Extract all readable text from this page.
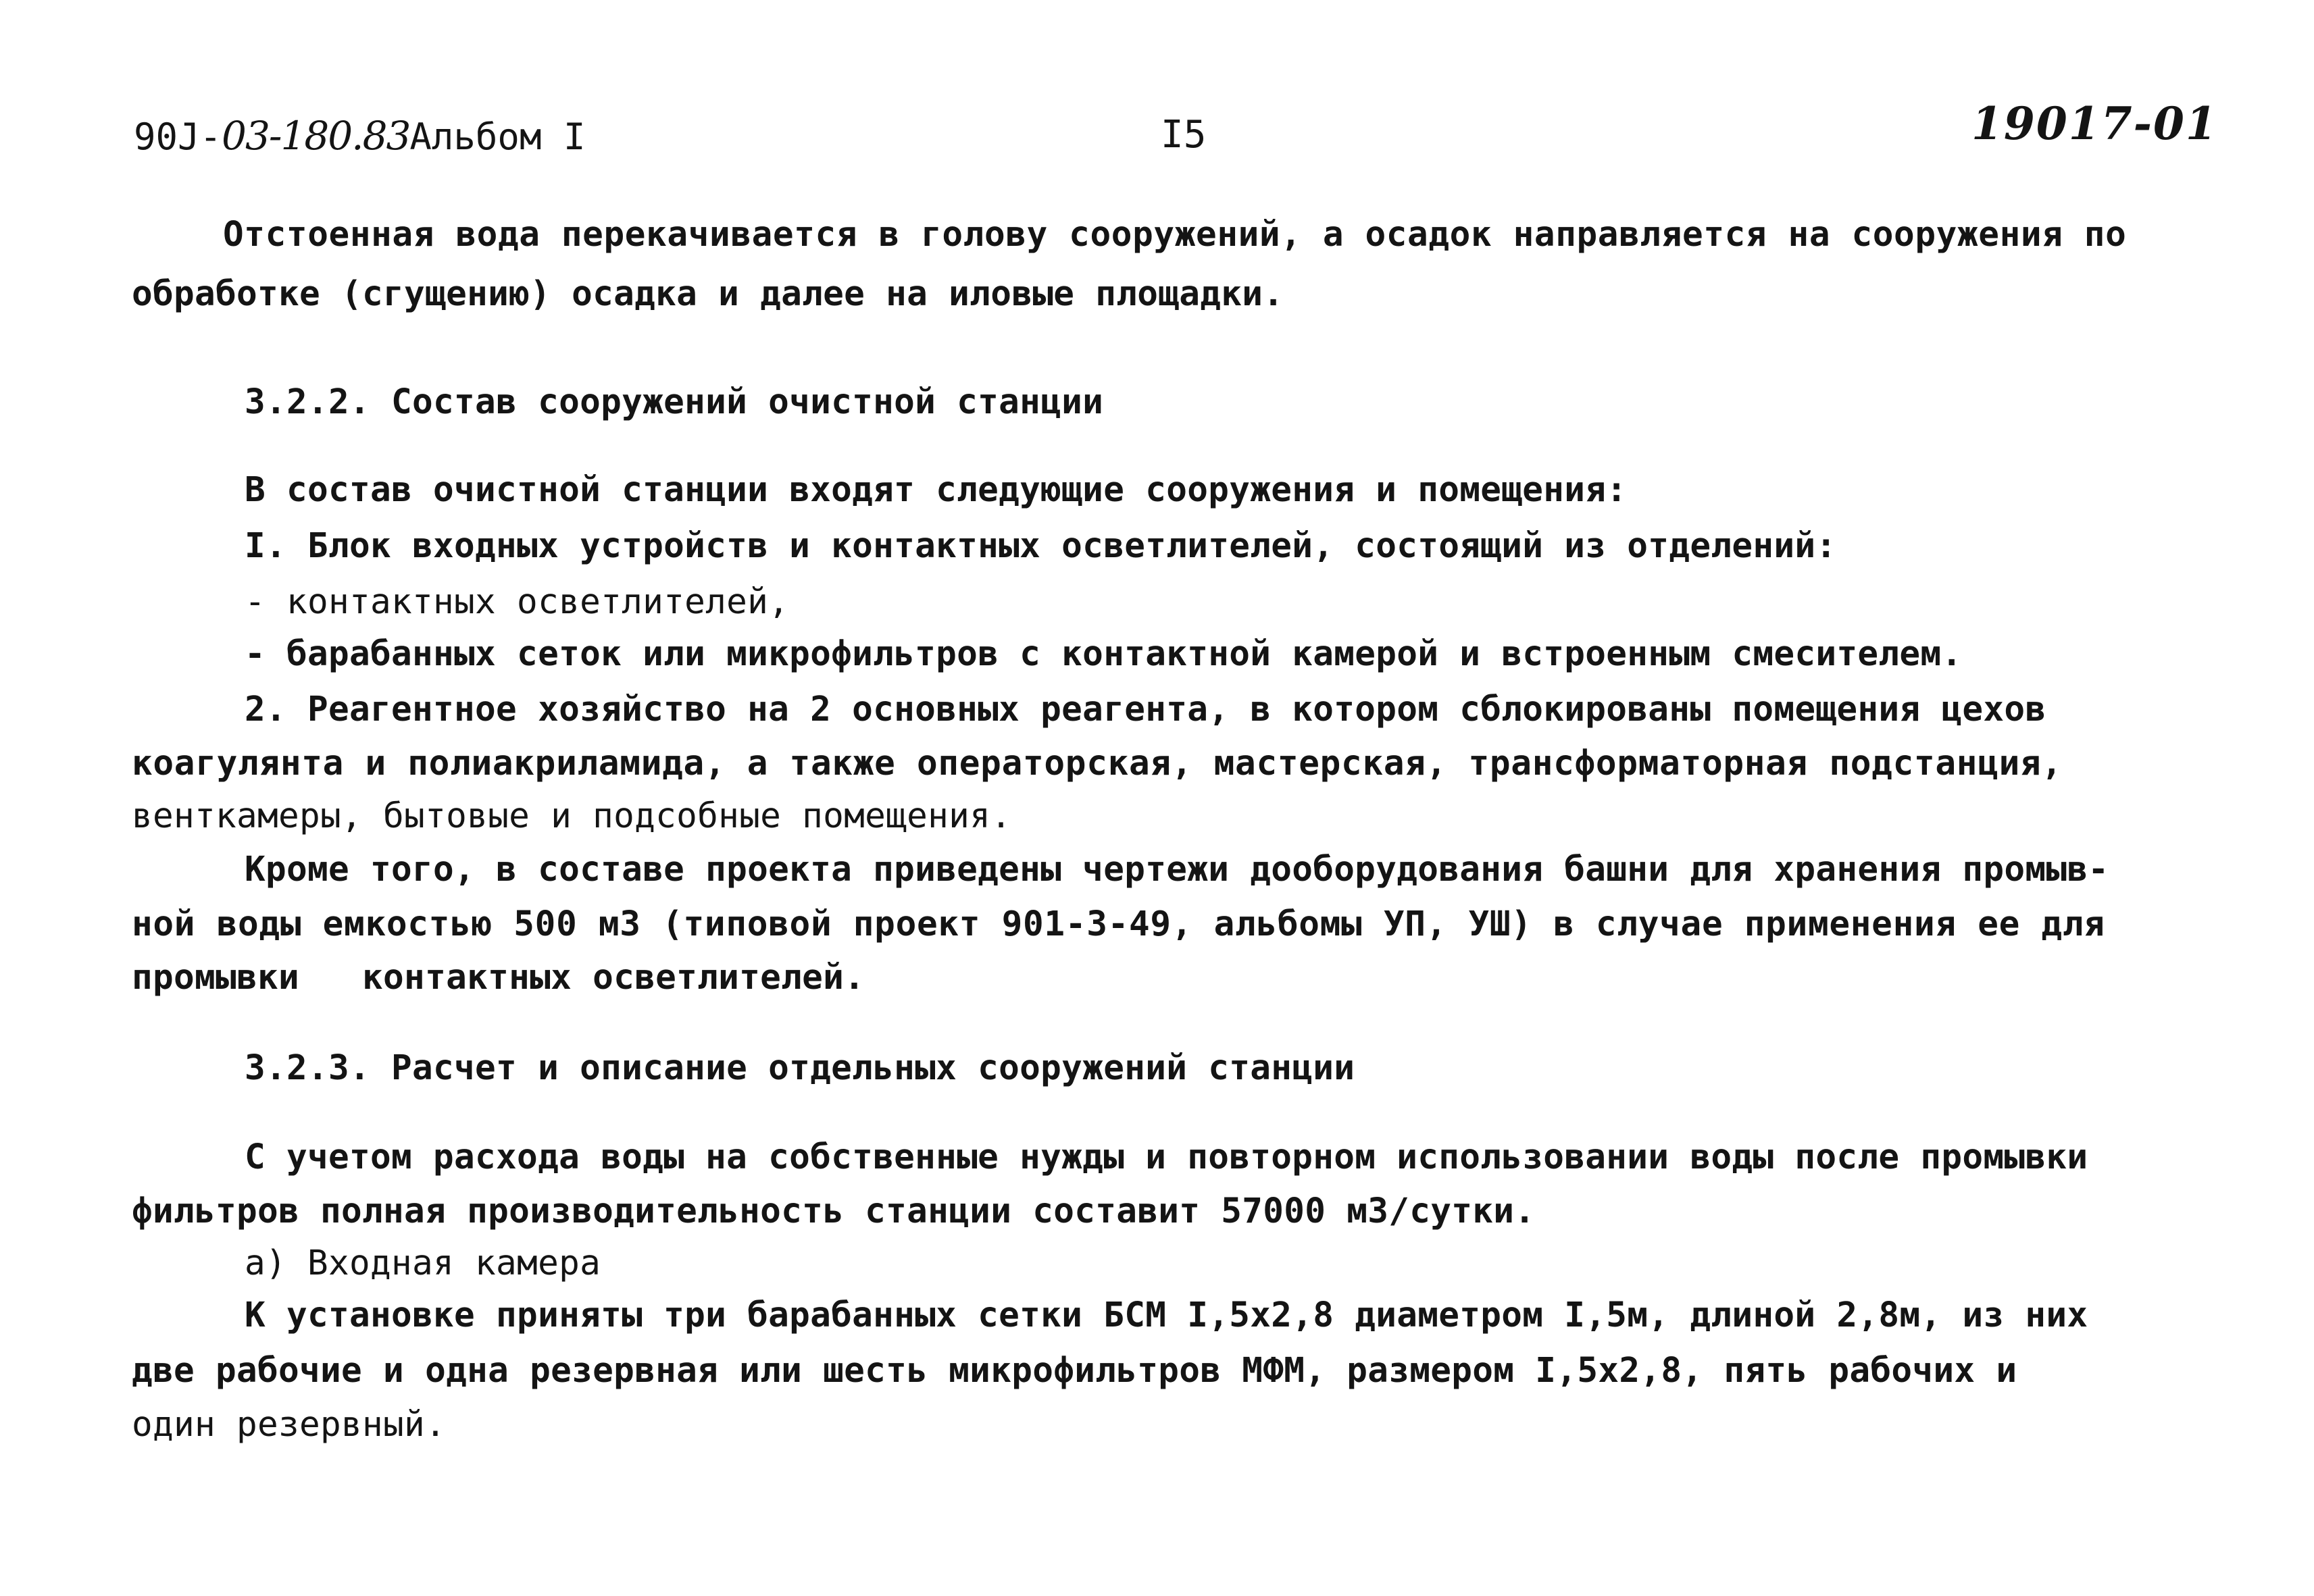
90Ј-03-180.83Альбом I	I5	19017-01
Отстоенная вода перекачивается в голову сооружений, а осадок направляется на сооружения по
обработке (сгущению) осадка и далее на иловые площадки.
3.2.2. Состав сооружений очистной станции
В состав очистной станции входят следующие сооружения и помещения:
I. Блок входных устройств и контактных осветлителей, состоящий из отделений:
- контактных осветлителей,
- барабанных сеток или микрофильтров с контактной камерой и встроенным смесителем.
2. Реагентное хозяйство на 2 основных реагента, в котором сблокированы помещения цехов
коагулянта и полиакриламида, а также операторская, мастерская, трансформаторная подстанция,
венткамеры, бытовые и подсобные помещения.
Кроме того, в составе проекта приведены чертежи дооборудования башни для хранения промыв-
ной воды емкостью 500 м3 (типовой проект 901-3-49, альбомы УП, УШ) в случае применения ее для
промывки   контактных осветлителей.
3.2.3. Расчет и описание отдельных сооружений станции
С учетом расхода воды на собственные нужды и повторном использовании воды после промывки
фильтров полная производительность станции составит 57000 м3/сутки.
а) Входная камера
К установке приняты три барабанных сетки БСМ I,5х2,8 диаметром I,5м, длиной 2,8м, из них
две рабочие и одна резервная или шесть микрофильтров МФМ, размером I,5х2,8, пять рабочих и
один резервный.
